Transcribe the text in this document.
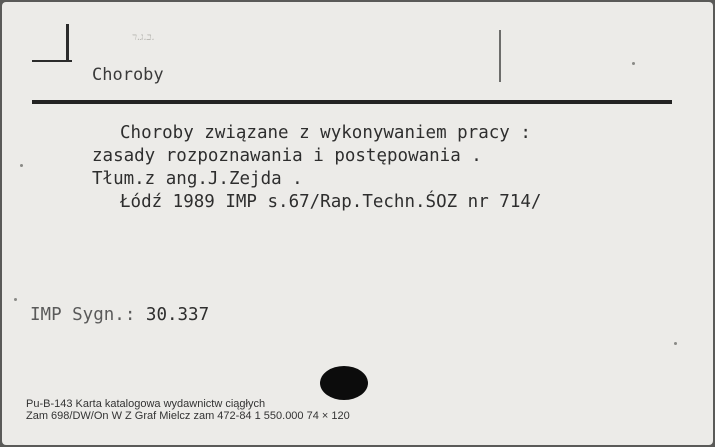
ב.ג.ר.
Choroby
Choroby związane z wykonywaniem pracy :
zasady rozpoznawania i postępowania .
Tłum.z ang.J.Zejda .
Łódź 1989 IMP s.67/Rap.Techn.ŚOZ nr 714/
IMP Sygn.: 30.337
Pu-B-143 Karta katalogowa wydawnictw ciągłych
Zam 698/DW/On W Z Graf Mielcz zam 472-84 1 550.000 74 × 120
